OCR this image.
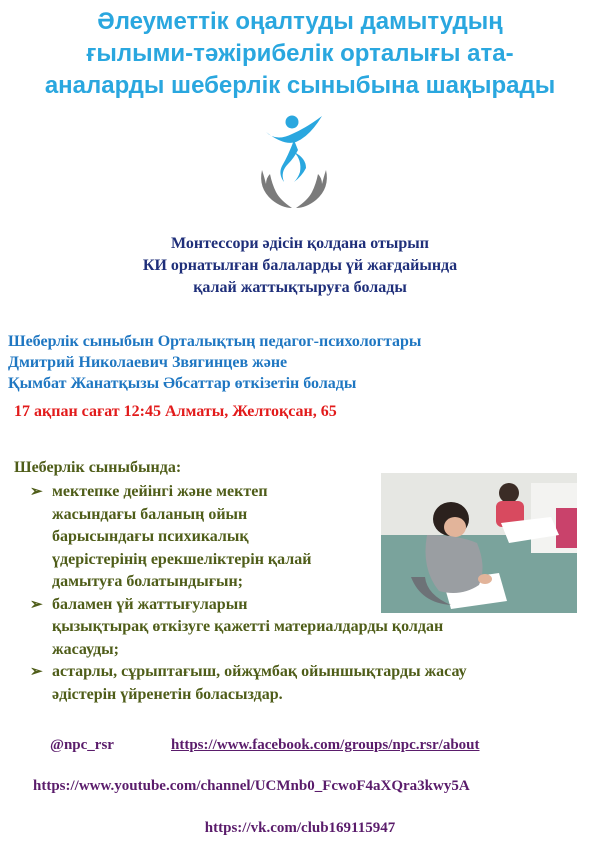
Әлеуметтік оңалтуды дамытудың
ғылыми-тәжірибелік орталығы ата-
аналарды шеберлік сыныбына шақырады
Монтессори әдісін қолдана отырып
КИ орнатылған балаларды үй жағдайында
қалай жаттықтыруға болады
Шеберлік сыныбын Орталықтың педагог-психологтары
Дмитрий Николаевич Звягинцев және
Қымбат Жанатқызы Әбсаттар өткізетін болады
17 ақпан сағат 12:45 Алматы, Желтоқсан, 65
Шеберлік сыныбында:
➢ мектепке дейінгі және мектеп
жасындағы баланың ойын
барысындағы психикалық
үдерістерінің ерекшеліктерін қалай
дамытуға болатындығын;
➢ баламен үй жаттығуларын
қызықтырақ өткізуге қажетті материалдарды қолдан
жасауды;
➢ астарлы, сұрыптағыш, ойжұмбақ ойыншықтарды жасау
әдістерін үйренетін боласыздар.
@npc_rsr	https://www.facebook.com/groups/npc.rsr/about
https://www.youtube.com/channel/UCMnb0_FcwoF4aXQra3kwy5A
https://vk.com/club169115947
